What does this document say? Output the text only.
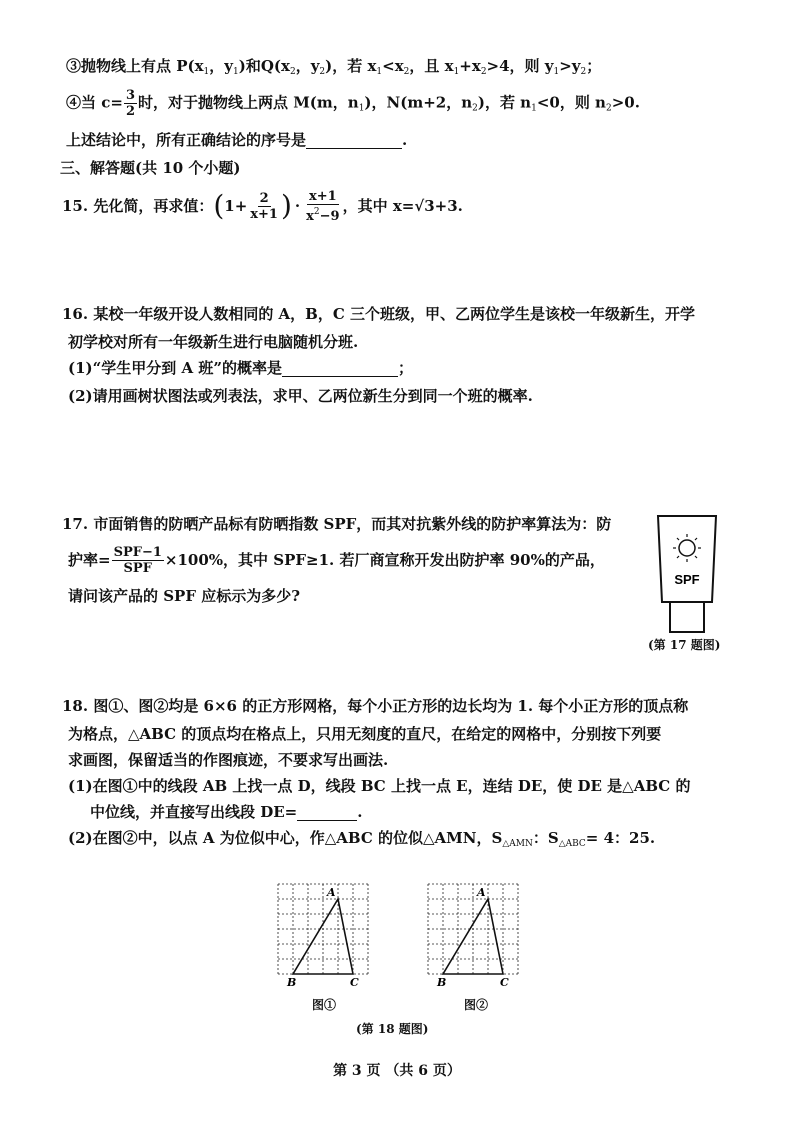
③抛物线上有点 $P(x_1$，$y_1$)和$Q(x_2$，$y_2$)，若 $x_1<x_2$，且 $x_1+x_2>4$，则 $y_1>y_2$；
④当 $c= \frac{3}{2}$ 时，对于抛物线上两点 M(m，$n_1$)，N(m+2，$n_2$)，若 $n_1<0$，则 $n_2>0$.
上述结论中，所有正确结论的序号是	.
三、解答题(共 10 个小题)
15. 先化简，再求值： ( $1+ \frac{2}{x+1}$ ) · $\frac{x+1}{x^2-9}$ ，其中 x=√3+3.
16. 某校一年级开设人数相同的 A，B，C 三个班级，甲、乙两位学生是该校一年级新生，开学
初学校对所有一年级新生进行电脑随机分班.
(1)“学生甲分到 A 班”的概率是	；
(2)请用画树状图法或列表法，求甲、乙两位新生分到同一个班的概率.
17. 市面销售的防晒产品标有防晒指数 SPF，而其对抗紫外线的防护率算法为：防
护率= $\frac{\text{SPF−1}}{\text{SPF}} \times 100\%$，其中 SPF≥1. 若厂商宣称开发出防护率 90%的产品，
请问该产品的 SPF 应标示为多少?
SPF
(第 17 题图)
18. 图①、图②均是 6×6 的正方形网格，每个小正方形的边长均为 1. 每个小正方形的顶点称
为格点，△ABC 的顶点均在格点上，只用无刻度的直尺，在给定的网格中，分别按下列要
求画图，保留适当的作图痕迹，不要求写出画法.
(1)在图①中的线段 AB 上找一点 D，线段 BC 上找一点 E，连结 DE，使 DE 是△ABC 的
中位线，并直接写出线段 DE=	.
(2)在图②中，以点 A 为位似中心，作△ABC 的位似△AMN，$S_{\triangle AMN}$：$S_{\triangle ABC}= 4$：25.
A
B	C
图①
A
B	C
图②
(第 18 题图)
第 3 页 （共 6 页）
